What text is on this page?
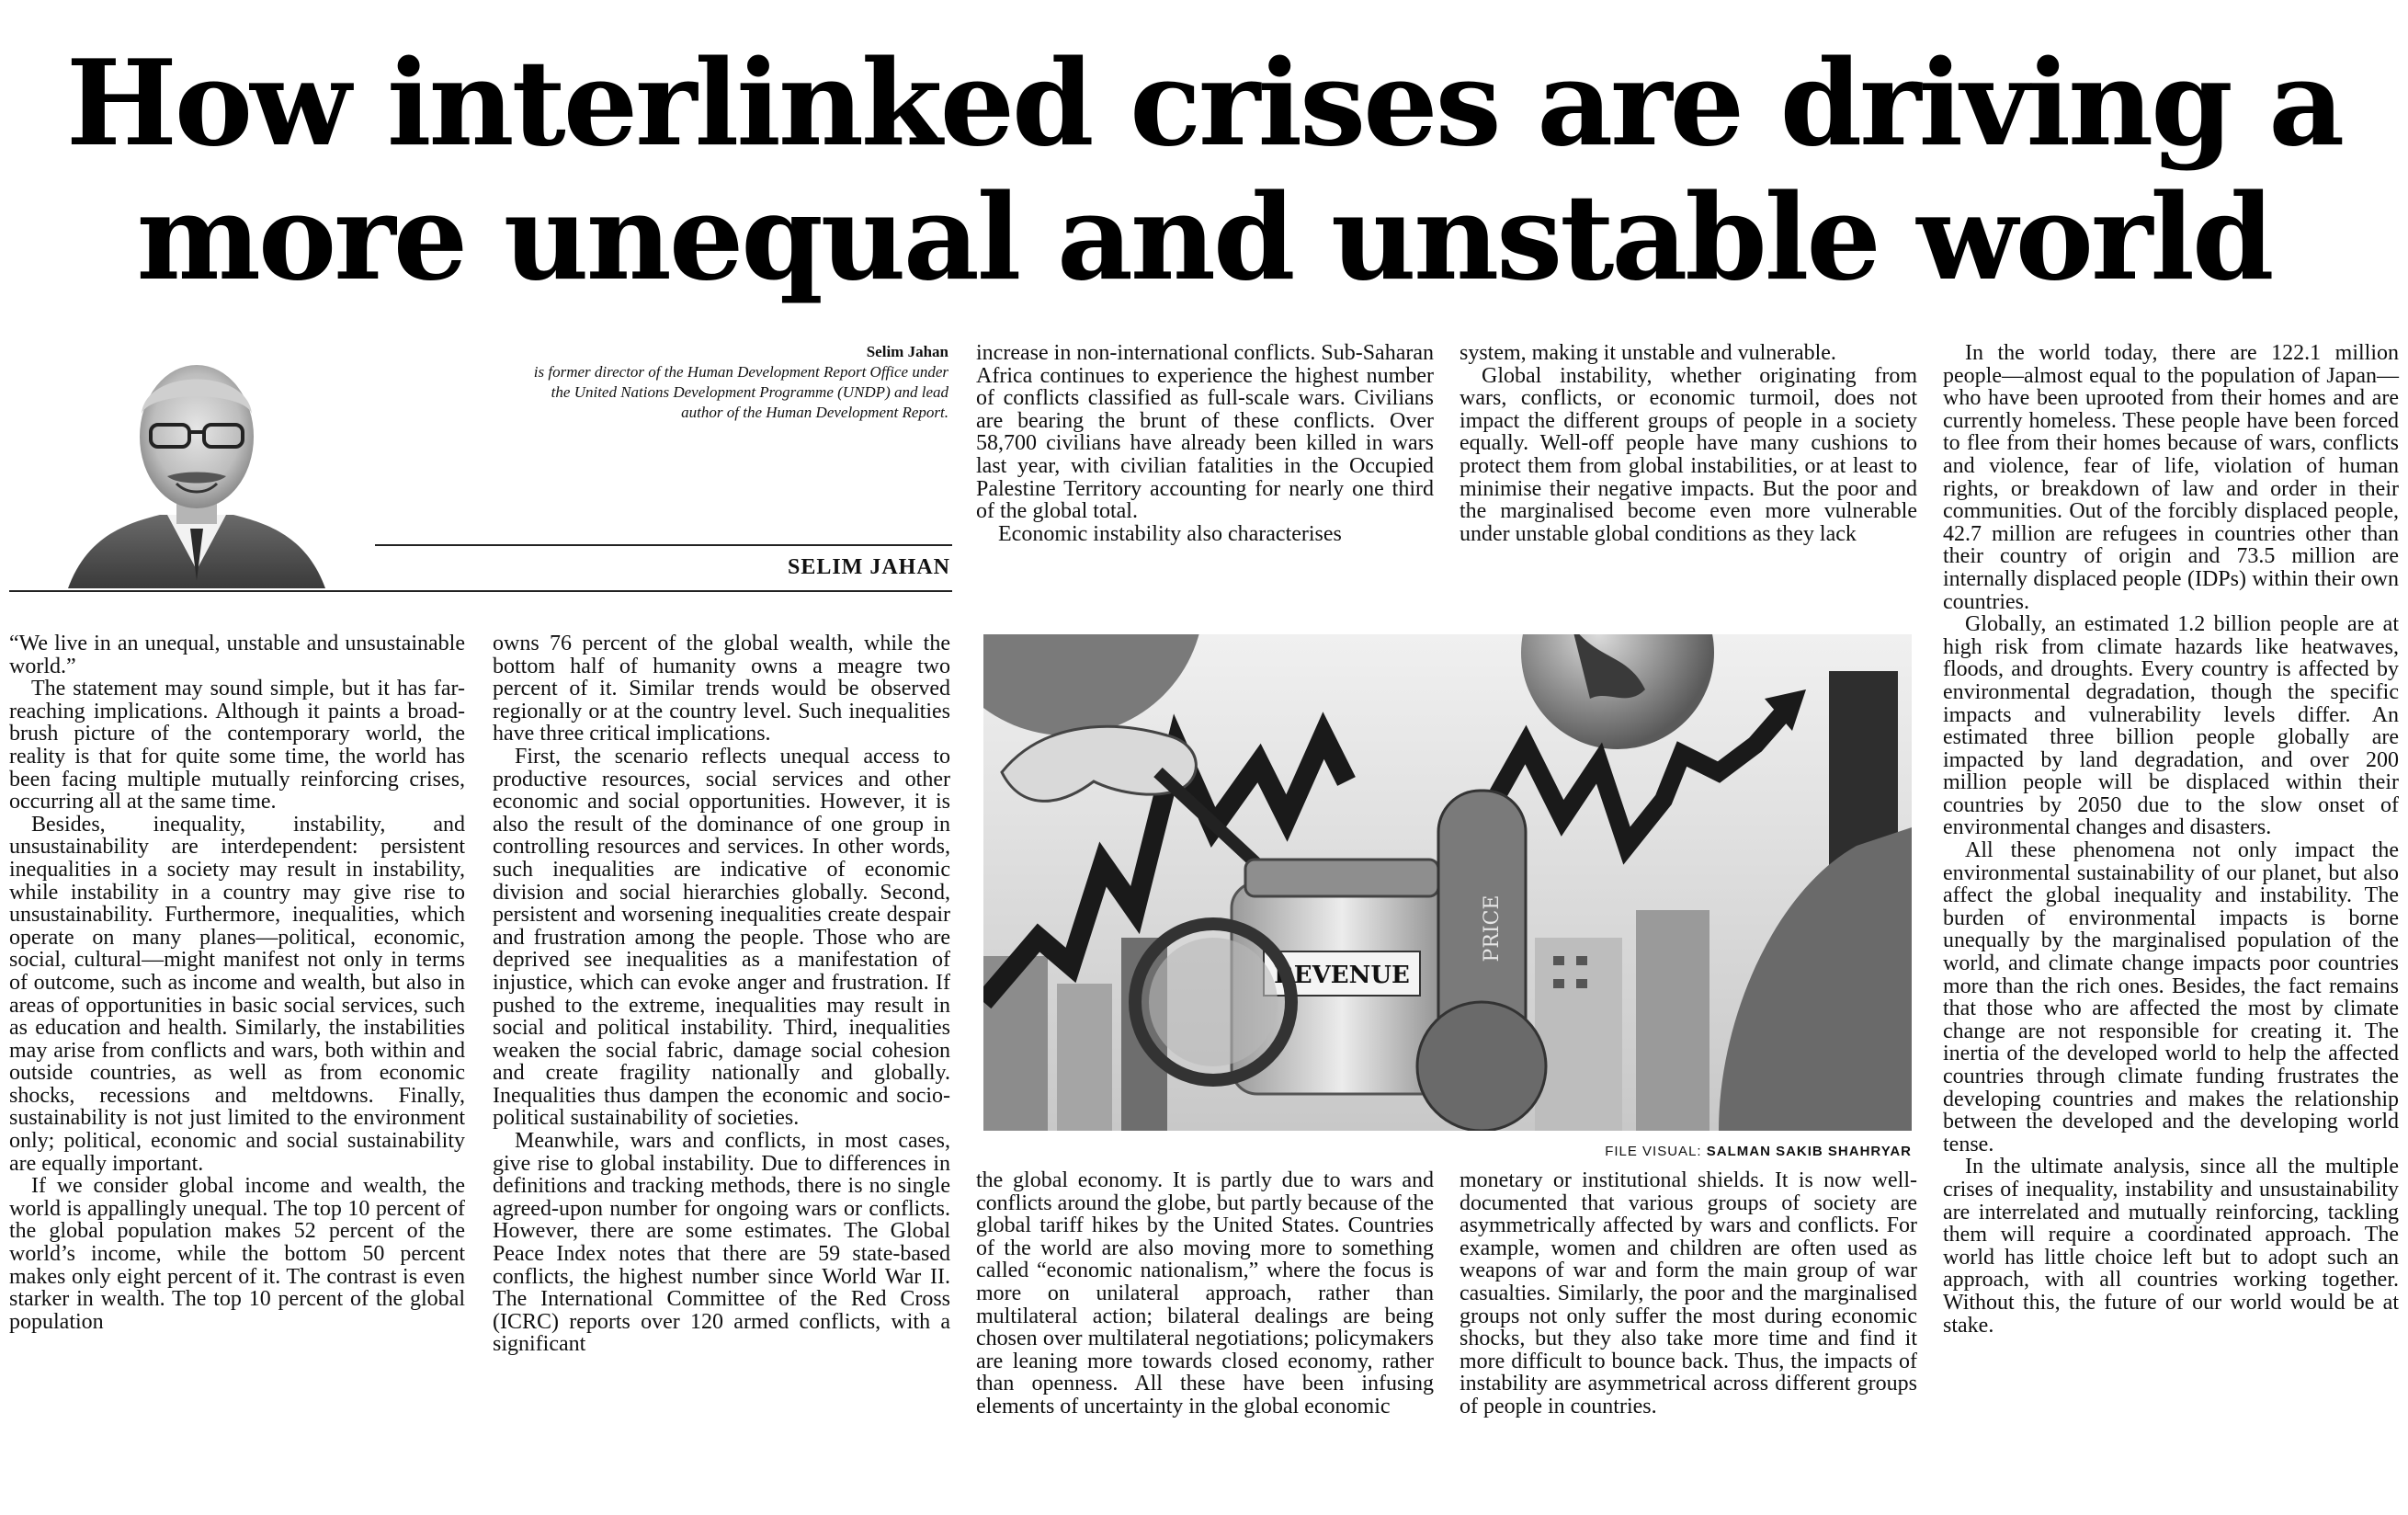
How interlinked crises are driving a
more unequal and unstable world
Selim Jahan
is former director of the Human Development Report Office under the United Nations Development Programme (UNDP) and lead author of the Human Development Report.
SELIM JAHAN

“We live in an unequal, unstable and unsustainable world.”

The statement may sound simple, but it has far-reaching implications. Although it paints a broad-brush picture of the contemporary world, the reality is that for quite some time, the world has been facing multiple mutually reinforcing crises, occurring all at the same time.

Besides, inequality, instability, and unsustainability are interdependent: persistent inequalities in a society may result in instability, while instability in a country may give rise to unsustainability. Furthermore, inequalities, which operate on many planes—political, economic, social, cultural—might manifest not only in terms of outcome, such as income and wealth, but also in areas of opportunities in basic social services, such as education and health. Similarly, the instabilities may arise from conflicts and wars, both within and outside countries, as well as from economic shocks, recessions and meltdowns. Finally, sustainability is not just limited to the environment only; political, economic and social sustainability are equally important.

If we consider global income and wealth, the world is appallingly unequal. The top 10 percent of the global population makes 52 percent of the world’s income, while the bottom 50 percent makes only eight percent of it. The contrast is even starker in wealth. The top 10 percent of the global population

owns 76 percent of the global wealth, while the bottom half of humanity owns a meagre two percent of it. Similar trends would be observed regionally or at the country level. Such inequalities have three critical implications.

First, the scenario reflects unequal access to productive resources, social services and other economic and social opportunities. However, it is also the result of the dominance of one group in controlling resources and services. In other words, such inequalities are indicative of economic division and social hierarchies globally. Second, persistent and worsening inequalities create despair and frustration among the people. Those who are deprived see inequalities as a manifestation of injustice, which can evoke anger and frustration. If pushed to the extreme, inequalities may result in social and political instability. Third, inequalities weaken the social fabric, damage social cohesion and create fragility nationally and globally. Inequalities thus dampen the economic and socio-political sustainability of societies.

Meanwhile, wars and conflicts, in most cases, give rise to global instability. Due to differences in definitions and tracking methods, there is no single agreed-upon number for ongoing wars or conflicts. However, there are some estimates. The Global Peace Index notes that there are 59 state-based conflicts, the highest number since World War II. The International Committee of the Red Cross (ICRC) reports over 120 armed conflicts, with a significant

increase in non-international conflicts. Sub-Saharan Africa continues to experience the highest number of conflicts classified as full-scale wars. Civilians are bearing the brunt of these conflicts. Over 58,700 civilians have already been killed in wars last year, with civilian fatalities in the Occupied Palestine Territory accounting for nearly one third of the global total.

Economic instability also characterises

system, making it unstable and vulnerable.

Global instability, whether originating from wars, conflicts, or economic turmoil, does not impact the different groups of people in a society equally. Well-off people have many cushions to protect them from global instabilities, or at least to minimise their negative impacts. But the poor and the marginalised become even more vulnerable under unstable global conditions as they lack

REVENUE
PRICE
FILE VISUAL: SALMAN SAKIB SHAHRYAR

the global economy. It is partly due to wars and conflicts around the globe, but partly because of the global tariff hikes by the United States. Countries of the world are also moving more to something called “economic nationalism,” where the focus is more on unilateral approach, rather than multilateral action; bilateral dealings are being chosen over multilateral negotiations; policymakers are leaning more towards closed economy, rather than openness. All these have been infusing elements of uncertainty in the global economic

monetary or institutional shields. It is now well-documented that various groups of society are asymmetrically affected by wars and conflicts. For example, women and children are often used as weapons of war and form the main group of war casualties. Similarly, the poor and the marginalised groups not only suffer the most during economic shocks, but they also take more time and find it more difficult to bounce back. Thus, the impacts of instability are asymmetrical across different groups of people in countries.

In the world today, there are 122.1 million people—almost equal to the population of Japan—who have been uprooted from their homes and are currently homeless. These people have been forced to flee from their homes because of wars, conflicts and violence, fear of life, violation of human rights, or breakdown of law and order in their communities. Out of the forcibly displaced people, 42.7 million are refugees in countries other than their country of origin and 73.5 million are internally displaced people (IDPs) within their own countries.

Globally, an estimated 1.2 billion people are at high risk from climate hazards like heatwaves, floods, and droughts. Every country is affected by environmental degradation, though the specific impacts and vulnerability levels differ. An estimated three billion people globally are impacted by land degradation, and over 200 million people will be displaced within their countries by 2050 due to the slow onset of environmental changes and disasters.

All these phenomena not only impact the environmental sustainability of our planet, but also affect the global inequality and instability. The burden of environmental impacts is borne unequally by the marginalised population of the world, and climate change impacts poor countries more than the rich ones. Besides, the fact remains that those who are affected the most by climate change are not responsible for creating it. The inertia of the developed world to help the affected countries through climate funding frustrates the developing countries and makes the relationship between the developed and the developing world tense.

In the ultimate analysis, since all the multiple crises of inequality, instability and unsustainability are interrelated and mutually reinforcing, tackling them will require a coordinated approach. The world has little choice left but to adopt such an approach, with all countries working together. Without this, the future of our world would be at stake.
